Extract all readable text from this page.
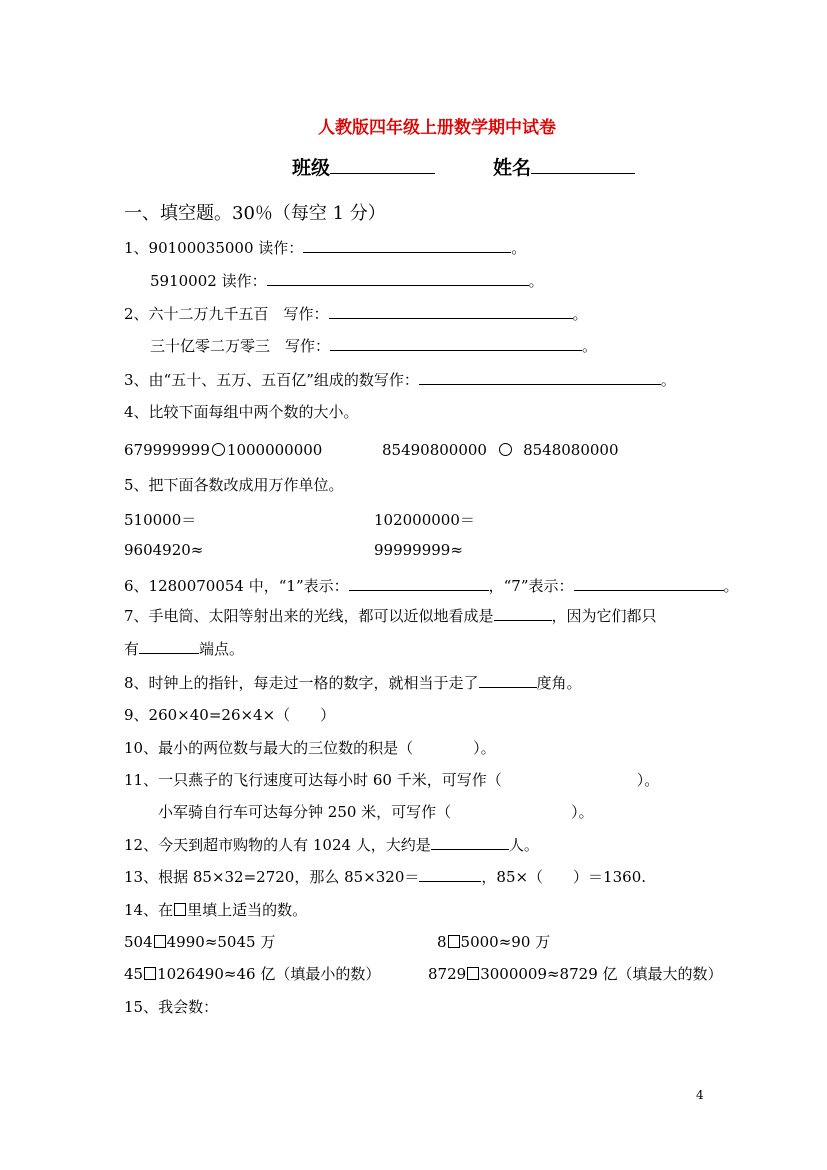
人教版四年级上册数学期中试卷
班级	姓名
一、填空题。30％（每空 1 分）
1、90100035000 读作：	。
5910002 读作：	。
2、六十二万九千五百　写作：	。
三十亿零二万零三　写作：	。
3、由“五十、五万、五百亿”组成的数写作：	。
4、比较下面每组中两个数的大小。
679999999 1000000000	85490800000 8548080000
5、把下面各数改成用万作单位。
510000＝	102000000＝
9604920≈	99999999≈
6、1280070054 中，“1”表示：	，“7”表示：	。
7、手电筒、太阳等射出来的光线，都可以近似地看成是	，因为它们都只
有	端点。
8、时钟上的指针，每走过一格的数字，就相当于走了	度角。
9、260×40=26×4×（　　）
10、最小的两位数与最大的三位数的积是（　　　　）。
11、一只燕子的飞行速度可达每小时 60 千米，可写作（　　　　　　　　　）。
小军骑自行车可达每分钟 250 米，可写作（　　　　　　　　）。
12、今天到超市购物的人有 1024 人，大约是	人。
13、根据 85×32=2720，那么 85×320＝	，85×（　　）＝1360.
14、在 里填上适当的数。
504 4990≈5045 万	8 5000≈90 万
45 1026490≈46 亿（填最小的数）	8729 3000009≈8729 亿（填最大的数）
15、我会数：
4
